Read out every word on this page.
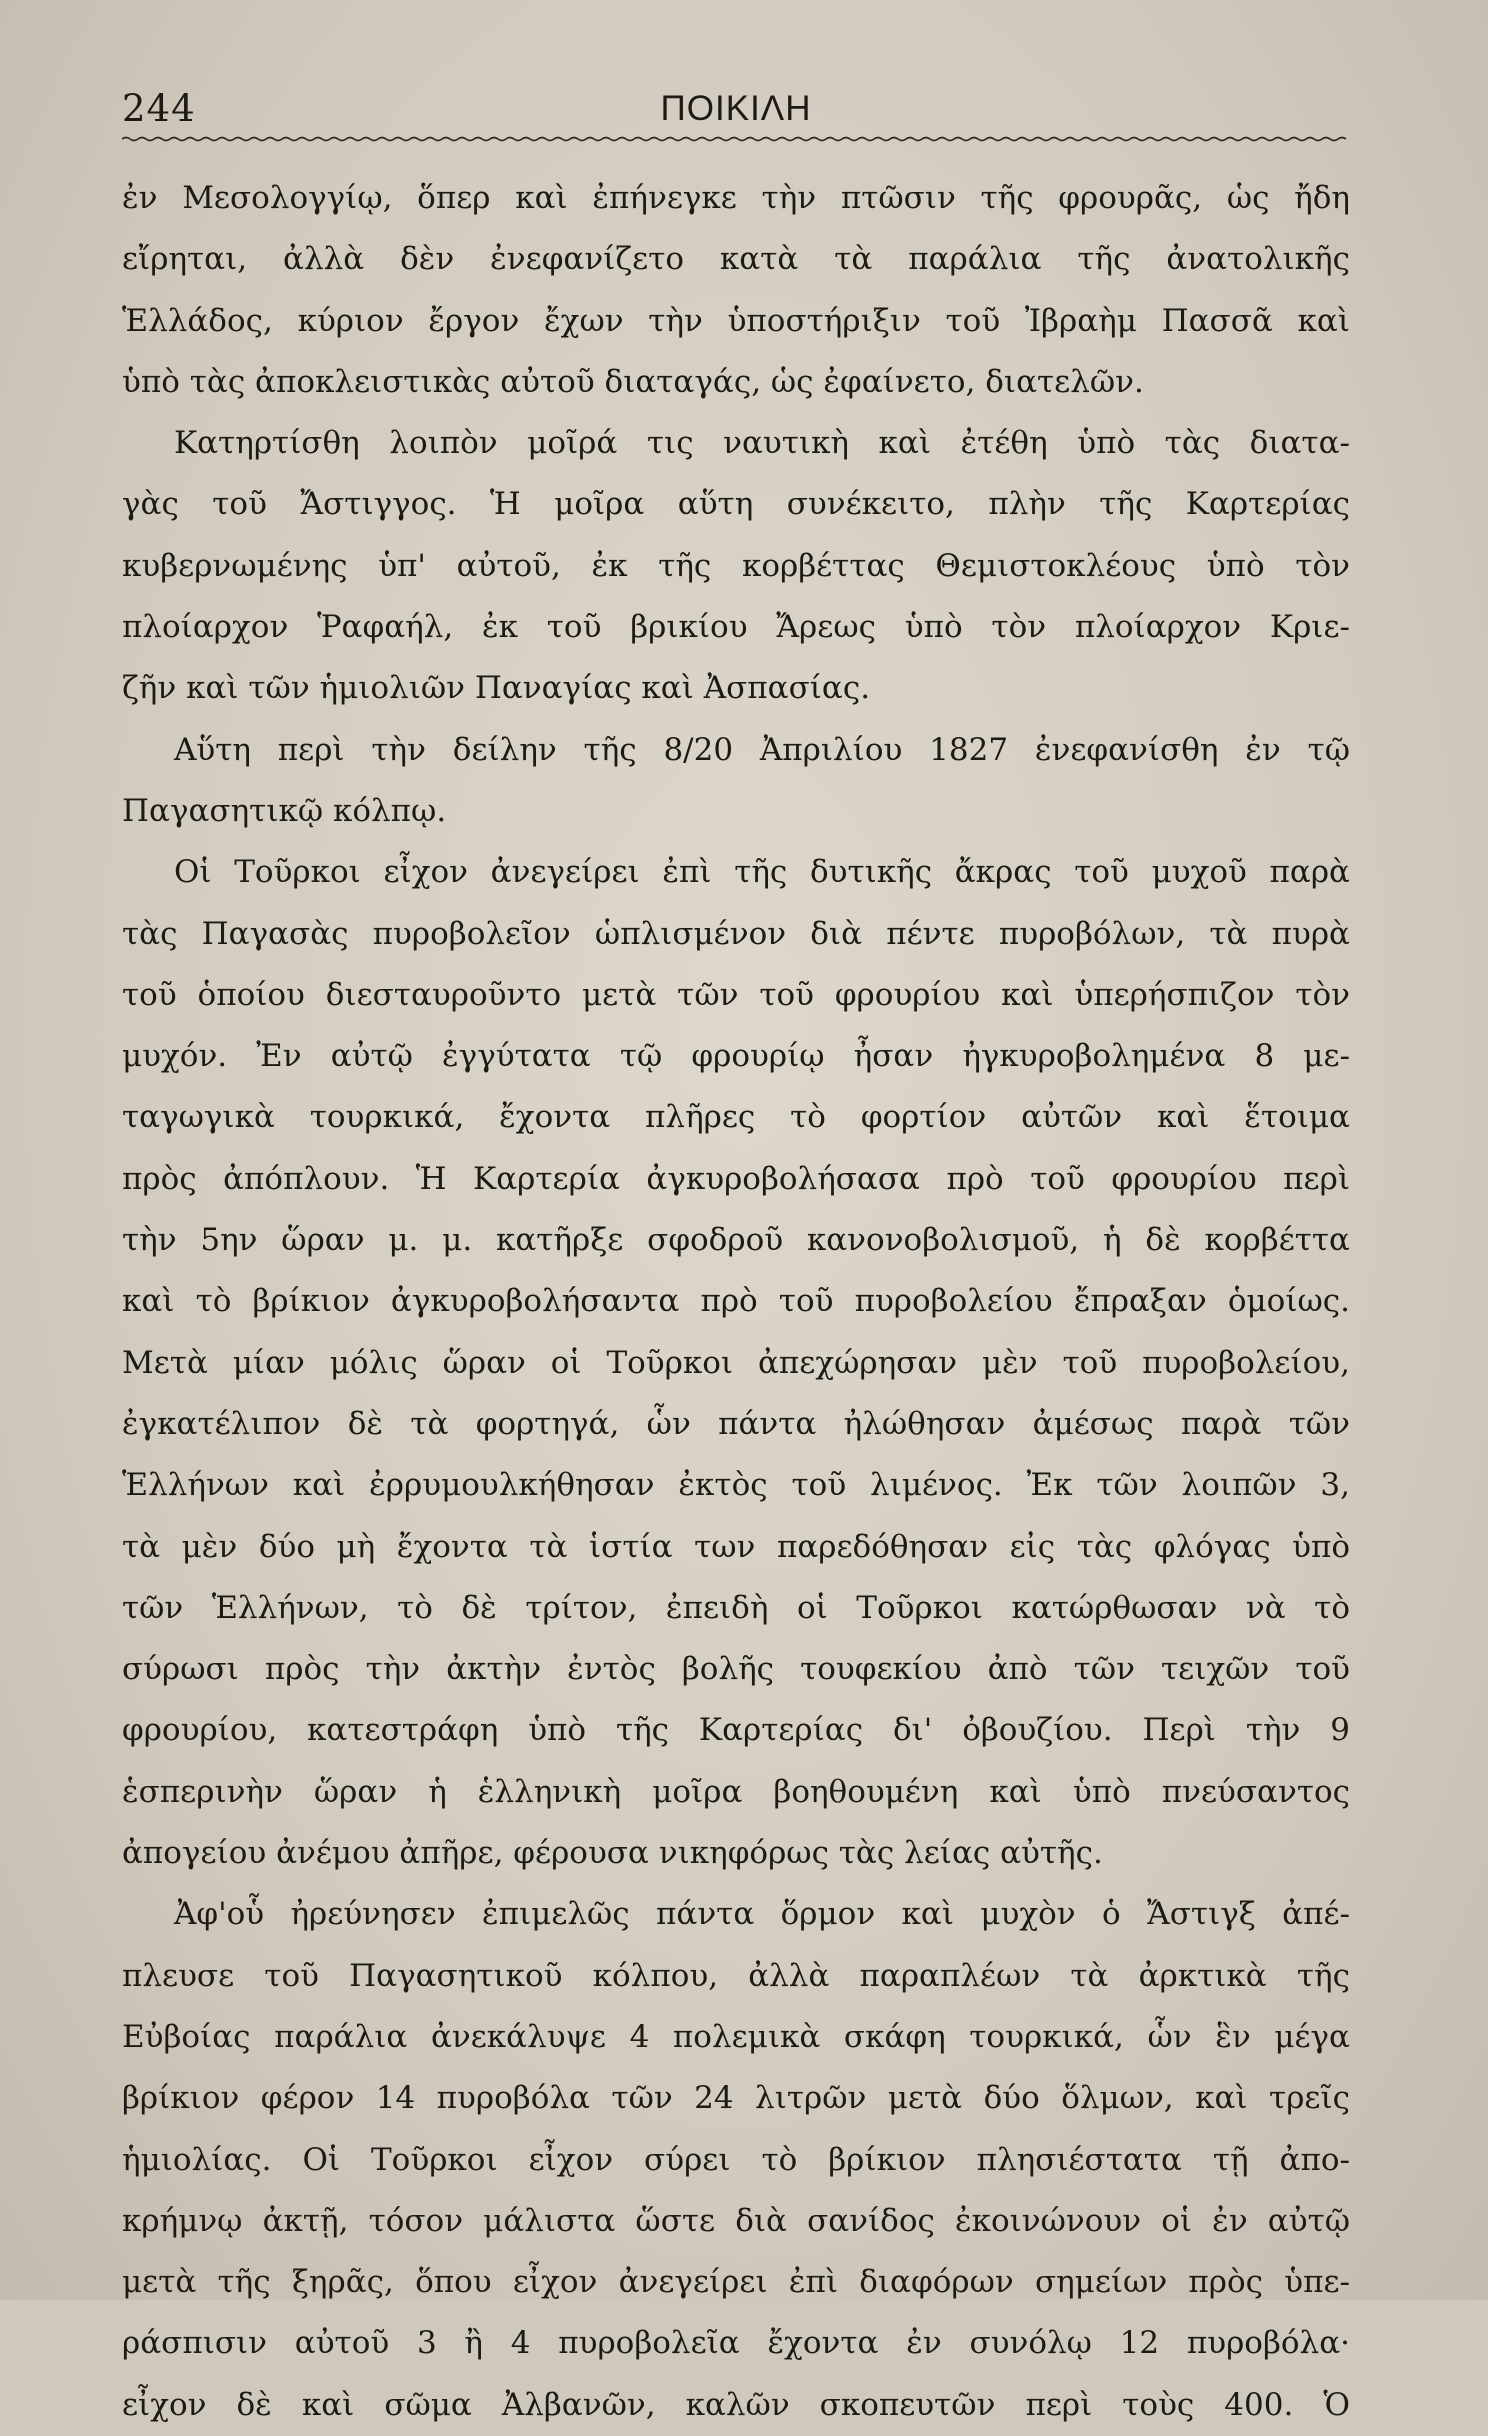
244	ΠΟΙΚΙΛΗ
ἐν Μεσολογγίῳ, ὅπερ καὶ ἐπήνεγκε τὴν πτῶσιν τῆς φρουρᾶς, ὡς ἤδη
εἴρηται, ἀλλὰ δὲν ἐνεφανίζετο κατὰ τὰ παράλια τῆς ἀνατολικῆς
Ἑλλάδος, κύριον ἔργον ἔχων τὴν ὑποστήριξιν τοῦ Ἰβραὴμ Πασσᾶ καὶ
ὑπὸ τὰς ἀποκλειστικὰς αὐτοῦ διαταγάς, ὡς ἐφαίνετο, διατελῶν.
Κατηρτίσθη λοιπὸν μοῖρά τις ναυτικὴ καὶ ἐτέθη ὑπὸ τὰς διατα-
γὰς τοῦ Ἄστιγγος. Ἡ μοῖρα αὕτη συνέκειτο, πλὴν τῆς Καρτερίας
κυβερνωμένης ὑπ' αὐτοῦ, ἐκ τῆς κορβέττας Θεμιστοκλέους ὑπὸ τὸν
πλοίαρχον Ῥαφαήλ, ἐκ τοῦ βρικίου Ἄρεως ὑπὸ τὸν πλοίαρχον Κριε-
ζῆν καὶ τῶν ἡμιολιῶν Παναγίας καὶ Ἀσπασίας.
Αὕτη περὶ τὴν δείλην τῆς 8/20 Ἀπριλίου 1827 ἐνεφανίσθη ἐν τῷ
Παγασητικῷ κόλπῳ.
Οἱ Τοῦρκοι εἶχον ἀνεγείρει ἐπὶ τῆς δυτικῆς ἄκρας τοῦ μυχοῦ παρὰ
τὰς Παγασὰς πυροβολεῖον ὡπλισμένον διὰ πέντε πυροβόλων, τὰ πυρὰ
τοῦ ὁποίου διεσταυροῦντο μετὰ τῶν τοῦ φρουρίου καὶ ὑπερήσπιζον τὸν
μυχόν. Ἐν αὐτῷ ἐγγύτατα τῷ φρουρίῳ ἦσαν ἠγκυροβολημένα 8 με-
ταγωγικὰ τουρκικά, ἔχοντα πλῆρες τὸ φορτίον αὐτῶν καὶ ἕτοιμα
πρὸς ἀπόπλουν. Ἡ Καρτερία ἀγκυροβολήσασα πρὸ τοῦ φρουρίου περὶ
τὴν 5ην ὥραν μ. μ. κατῆρξε σφοδροῦ κανονοβολισμοῦ, ἡ δὲ κορβέττα
καὶ τὸ βρίκιον ἀγκυροβολήσαντα πρὸ τοῦ πυροβολείου ἔπραξαν ὁμοίως.
Μετὰ μίαν μόλις ὥραν οἱ Τοῦρκοι ἀπεχώρησαν μὲν τοῦ πυροβολείου,
ἐγκατέλιπον δὲ τὰ φορτηγά, ὧν πάντα ἠλώθησαν ἀμέσως παρὰ τῶν
Ἑλλήνων καὶ ἐρρυμουλκήθησαν ἐκτὸς τοῦ λιμένος. Ἐκ τῶν λοιπῶν 3,
τὰ μὲν δύο μὴ ἔχοντα τὰ ἱστία των παρεδόθησαν εἰς τὰς φλόγας ὑπὸ
τῶν Ἑλλήνων, τὸ δὲ τρίτον, ἐπειδὴ οἱ Τοῦρκοι κατώρθωσαν νὰ τὸ
σύρωσι πρὸς τὴν ἀκτὴν ἐντὸς βολῆς τουφεκίου ἀπὸ τῶν τειχῶν τοῦ
φρουρίου, κατεστράφη ὑπὸ τῆς Καρτερίας δι' ὀβουζίου. Περὶ τὴν 9
ἑσπερινὴν ὥραν ἡ ἑλληνικὴ μοῖρα βοηθουμένη καὶ ὑπὸ πνεύσαντος
ἀπογείου ἀνέμου ἀπῆρε, φέρουσα νικηφόρως τὰς λείας αὐτῆς.
Ἀφ'οὗ ἠρεύνησεν ἐπιμελῶς πάντα ὅρμον καὶ μυχὸν ὁ Ἄστιγξ ἀπέ-
πλευσε τοῦ Παγασητικοῦ κόλπου, ἀλλὰ παραπλέων τὰ ἀρκτικὰ τῆς
Εὐβοίας παράλια ἀνεκάλυψε 4 πολεμικὰ σκάφη τουρκικά, ὧν ἓν μέγα
βρίκιον φέρον 14 πυροβόλα τῶν 24 λιτρῶν μετὰ δύο ὅλμων, καὶ τρεῖς
ἡμιολίας. Οἱ Τοῦρκοι εἶχον σύρει τὸ βρίκιον πλησιέστατα τῇ ἀπο-
κρήμνῳ ἀκτῇ, τόσον μάλιστα ὥστε διὰ σανίδος ἐκοινώνουν οἱ ἐν αὐτῷ
μετὰ τῆς ξηρᾶς, ὅπου εἶχον ἀνεγείρει ἐπὶ διαφόρων σημείων πρὸς ὑπε-
ράσπισιν αὐτοῦ 3 ἢ 4 πυροβολεῖα ἔχοντα ἐν συνόλῳ 12 πυροβόλα·
εἶχον δὲ καὶ σῶμα Ἀλβανῶν, καλῶν σκοπευτῶν περὶ τοὺς 400. Ὁ
